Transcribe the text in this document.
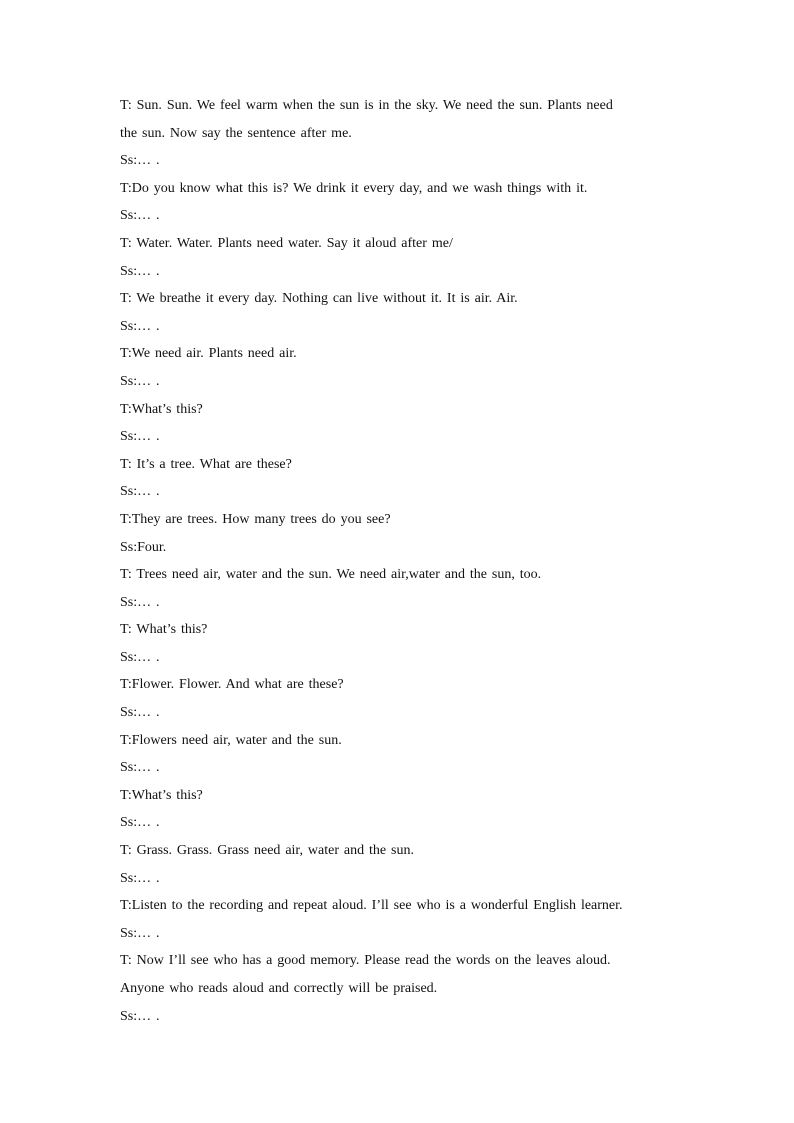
T: Sun. Sun. We feel warm when the sun is in the sky. We need the sun. Plants need
the sun. Now say the sentence after me.
Ss:… .
T:Do you know what this is? We drink it every day, and we wash things with it.
Ss:… .
T: Water. Water. Plants need water. Say it aloud after me/
Ss:… .
T: We breathe it every day. Nothing can live without it. It is air. Air.
Ss:… .
T:We need air. Plants need air.
Ss:… .
T:What’s this?
Ss:… .
T: It’s a tree. What are these?
Ss:… .
T:They are trees. How many trees do you see?
Ss:Four.
T: Trees need air, water and the sun. We need air,water and the sun, too.
Ss:… .
T: What’s this?
Ss:… .
T:Flower. Flower. And what are these?
Ss:… .
T:Flowers need air, water and the sun.
Ss:… .
T:What’s this?
Ss:… .
T: Grass. Grass. Grass need air, water and the sun.
Ss:… .
T:Listen to the recording and repeat aloud. I’ll see who is a wonderful English learner.
Ss:… .
T: Now I’ll see who has a good memory. Please read the words on the leaves aloud.
Anyone who reads aloud and correctly will be praised.
Ss:… .
